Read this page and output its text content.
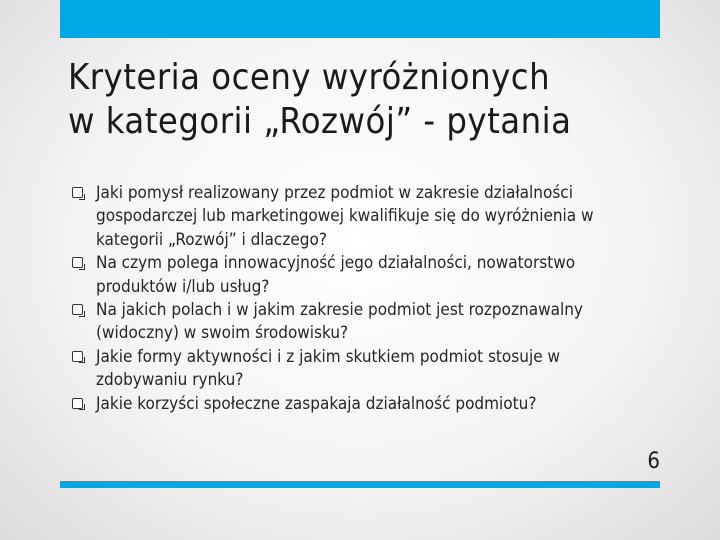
Kryteria oceny wyróżnionych
w kategorii „Rozwój” - pytania
Jaki pomysł realizowany przez podmiot w zakresie działalności gospodarczej lub marketingowej kwalifikuje się do wyróżnienia w kategorii „Rozwój” i dlaczego?
Na czym polega innowacyjność jego działalności, nowatorstwo produktów i/lub usług?
Na jakich polach i w jakim zakresie podmiot jest rozpoznawalny (widoczny) w swoim środowisku?
Jakie formy aktywności i z jakim skutkiem podmiot stosuje w zdobywaniu rynku?
Jakie korzyści społeczne zaspakaja działalność podmiotu?
6
